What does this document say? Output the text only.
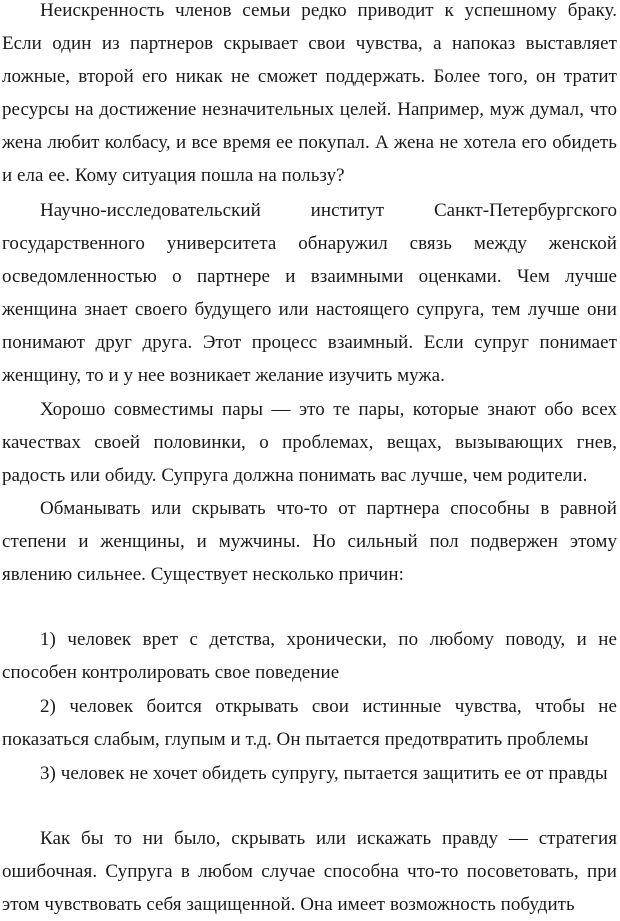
Неискренность членов семьи редко приводит к успешному браку. Если один из партнеров скрывает свои чувства, а напоказ выставляет ложные, второй его никак не сможет поддержать. Более того, он тратит ресурсы на достижение незначительных целей. Например, муж думал, что жена любит колбасу, и все время ее покупал. А жена не хотела его обидеть и ела ее. Кому ситуация пошла на пользу?

Научно-исследовательский институт Санкт-Петербургского государственного университета обнаружил связь между женской осведомленностью о партнере и взаимными оценками. Чем лучше женщина знает своего будущего или настоящего супруга, тем лучше они понимают друг друга. Этот процесс взаимный. Если супруг понимает женщину, то и у нее возникает желание изучить мужа.

Хорошо совместимы пары — это те пары, которые знают обо всех качествах своей половинки, о проблемах, вещах, вызывающих гнев, радость или обиду. Супруга должна понимать вас лучше, чем родители.

Обманывать или скрывать что-то от партнера способны в равной степени и женщины, и мужчины. Но сильный пол подвержен этому явлению сильнее. Существует несколько причин:

1) человек врет с детства, хронически, по любому поводу, и не способен контролировать свое поведение

2) человек боится открывать свои истинные чувства, чтобы не показаться слабым, глупым и т.д. Он пытается предотвратить проблемы

3) человек не хочет обидеть супругу, пытается защитить ее от правды

Как бы то ни было, скрывать или искажать правду — стратегия ошибочная. Супруга в любом случае способна что-то посоветовать, при этом чувствовать себя защищенной. Она имеет возможность побудить
